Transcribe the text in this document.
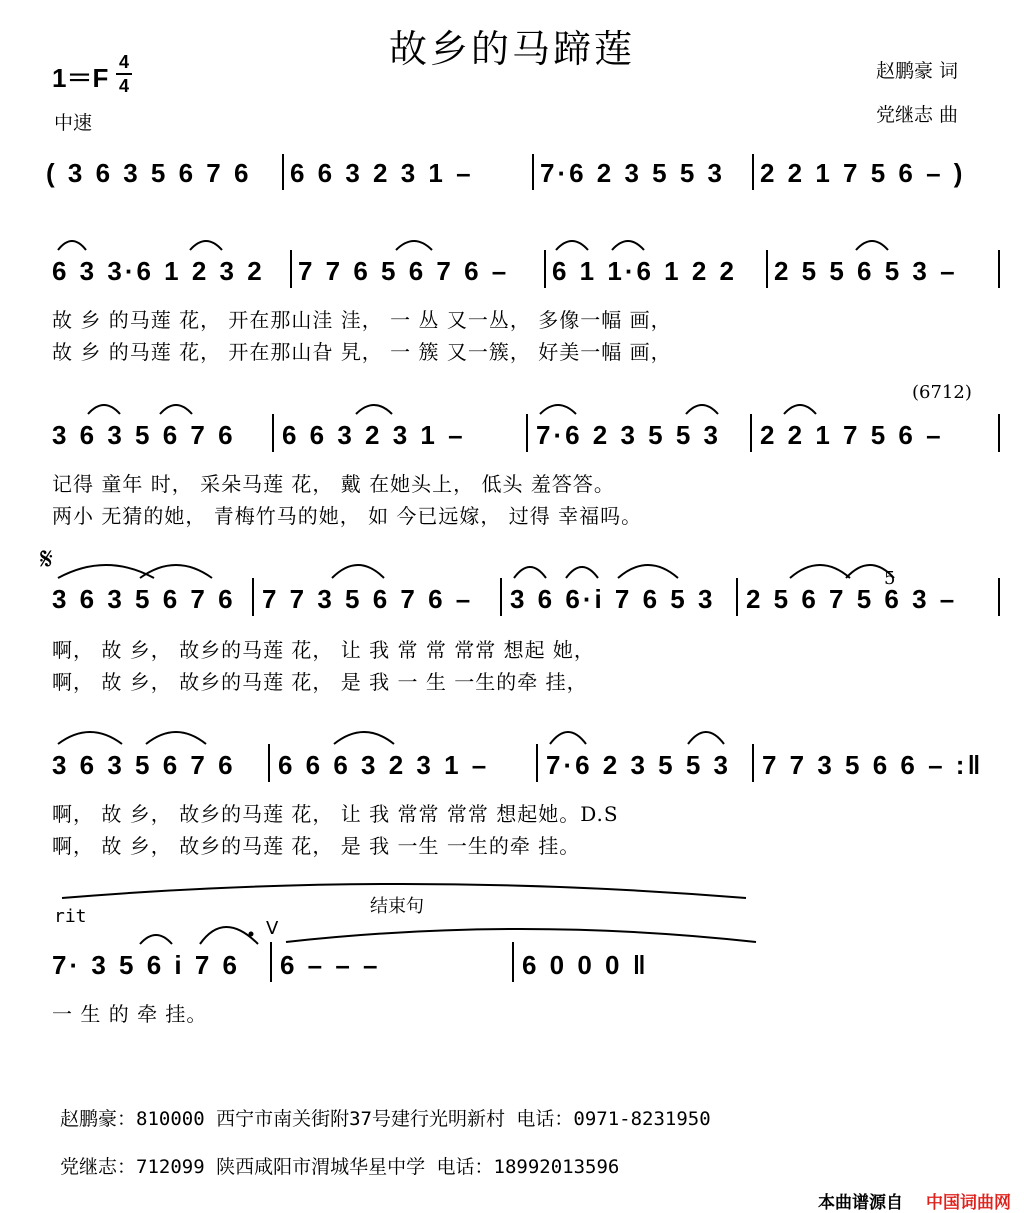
故乡的马蹄莲	赵鹏豪 词
党继志 曲
1＝F
4
4
中速
( 3 6 3 5 6 7 6 6 6 3 2 3 1 –	7·6 2 3 5 5 3 2 2 1 7 5 6 – )
6 3 3·6 1 2 3 2 7 7 6 5 6 7 6 – 6 1 1·6 1 2 2 2 5 5 6 5 3 –
故 乡 的马莲 花， 开在那山洼 洼， 一 丛 又一丛， 多像一幅 画，
故 乡 的马莲 花， 开在那山旮 旯， 一 簇 又一簇， 好美一幅 画，
(6712)
3 6 3 5 6 7 6 6 6 3 2 3 1 –	7·6 2 3 5 5 3 2 2 1 7 5 6 –
记得 童年 时， 采朵马莲 花， 戴 在她头上， 低头 羞答答。
两小 无猜的她， 青梅竹马的她， 如 今已远嫁， 过得 幸福吗。
𝄋
5
3 6 3 5 6 7 6 7 7 3 5 6 7 6 – 3 6 6·i 7 6 5 3 2 5 6 7 5 6 3 –
啊， 故 乡， 故乡的马莲 花， 让 我 常 常 常常 想起 她，
啊， 故 乡， 故乡的马莲 花， 是 我 一 生 一生的牵 挂，
3 6 3 5 6 7 6 6 6 6 3 2 3 1 – 7·6 2 3 5 5 3 7 7 3 5 6 6 – :‖
啊， 故 乡， 故乡的马莲 花， 让 我 常常 常常 想起她。D.S
啊， 故 乡， 故乡的马莲 花， 是 我 一生 一生的牵 挂。
结束句
rit
V
7· 3 5 6 i 7 6 6 – – –	6 0 0 0 ‖
一 生 的 牵 挂。
赵鹏豪：810000 西宁市南关街附37号建行光明新村 电话：0971-8231950
党继志：712099 陕西咸阳市渭城华星中学 电话：18992013596
本曲谱源自 中国词曲网
